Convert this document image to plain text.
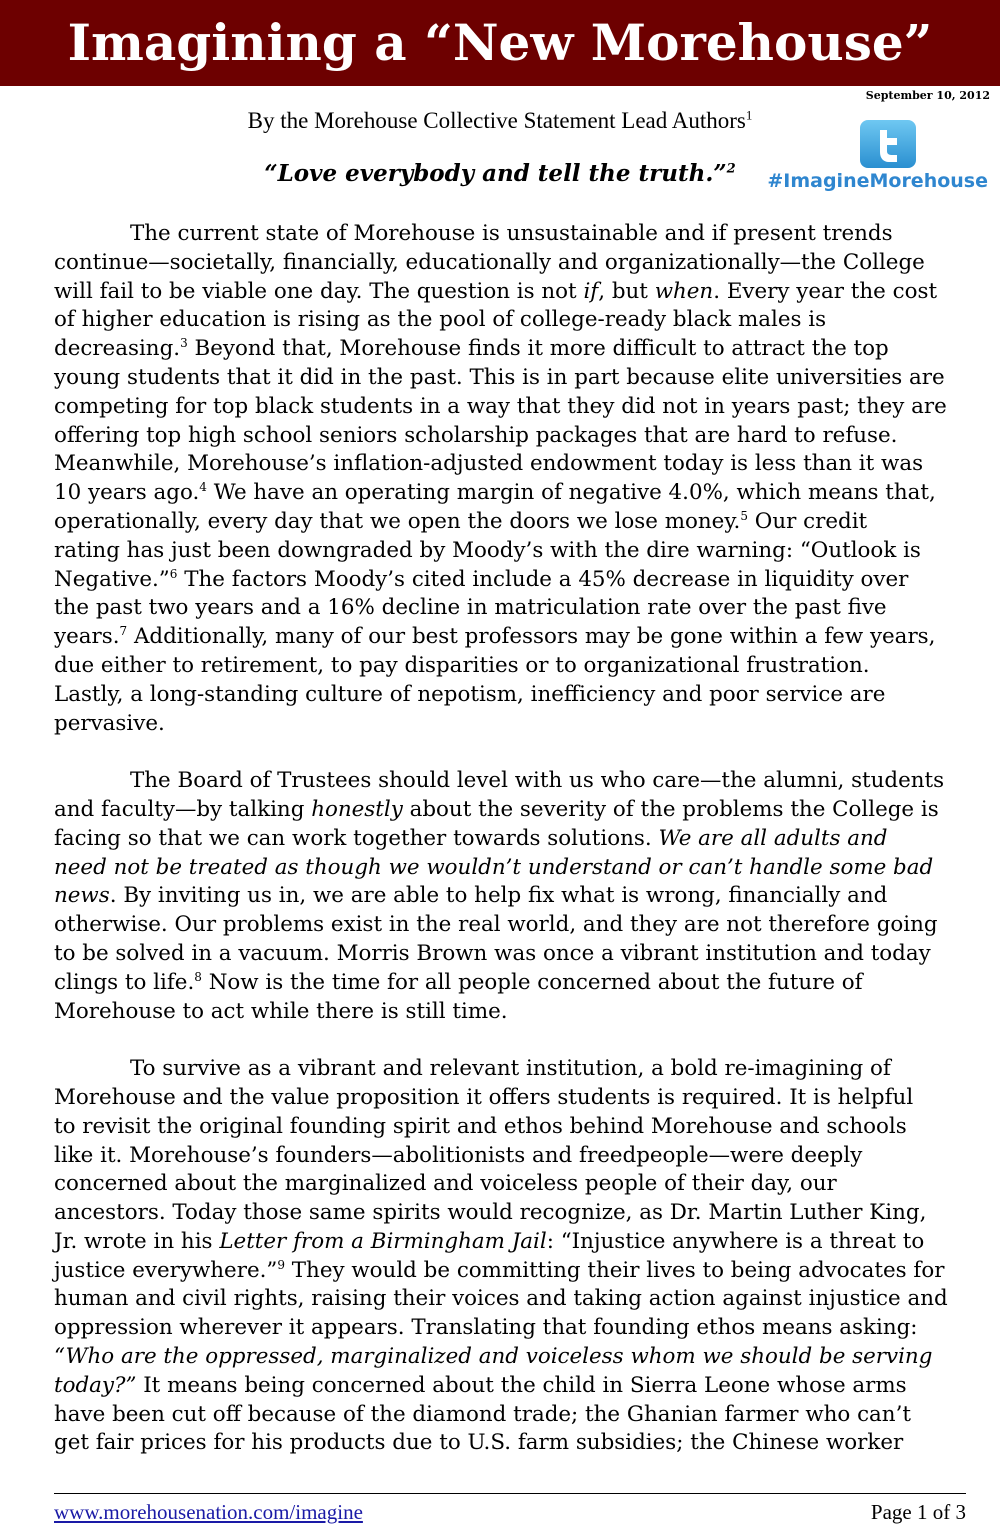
Imagining a “New Morehouse”
September 10, 2012
By the Morehouse Collective Statement Lead Authors$^1$
“Love everybody and tell the truth.”$^2$
#ImagineMorehouse
The current state of Morehouse is unsustainable and if present trends
continue—societally, financially, educationally and organizationally—the College
will fail to be viable one day. The question is not if, but when. Every year the cost
of higher education is rising as the pool of college-ready black males is
decreasing.$^3$ Beyond that, Morehouse finds it more difficult to attract the top
young students that it did in the past. This is in part because elite universities are
competing for top black students in a way that they did not in years past; they are
offering top high school seniors scholarship packages that are hard to refuse.
Meanwhile, Morehouse’s inflation-adjusted endowment today is less than it was
10 years ago.$^4$ We have an operating margin of negative 4.0%, which means that,
operationally, every day that we open the doors we lose money.$^5$ Our credit
rating has just been downgraded by Moody’s with the dire warning: “Outlook is
Negative.”$^6$ The factors Moody’s cited include a 45% decrease in liquidity over
the past two years and a 16% decline in matriculation rate over the past five
years.$^7$ Additionally, many of our best professors may be gone within a few years,
due either to retirement, to pay disparities or to organizational frustration.
Lastly, a long-standing culture of nepotism, inefficiency and poor service are
pervasive.
The Board of Trustees should level with us who care—the alumni, students
and faculty—by talking honestly about the severity of the problems the College is
facing so that we can work together towards solutions. We are all adults and
need not be treated as though we wouldn’t understand or can’t handle some bad
news. By inviting us in, we are able to help fix what is wrong, financially and
otherwise. Our problems exist in the real world, and they are not therefore going
to be solved in a vacuum. Morris Brown was once a vibrant institution and today
clings to life.$^8$ Now is the time for all people concerned about the future of
Morehouse to act while there is still time.
To survive as a vibrant and relevant institution, a bold re-imagining of
Morehouse and the value proposition it offers students is required. It is helpful
to revisit the original founding spirit and ethos behind Morehouse and schools
like it. Morehouse’s founders—abolitionists and freedpeople—were deeply
concerned about the marginalized and voiceless people of their day, our
ancestors. Today those same spirits would recognize, as Dr. Martin Luther King,
Jr. wrote in his Letter from a Birmingham Jail: “Injustice anywhere is a threat to
justice everywhere.”$^9$ They would be committing their lives to being advocates for
human and civil rights, raising their voices and taking action against injustice and
oppression wherever it appears. Translating that founding ethos means asking:
“Who are the oppressed, marginalized and voiceless whom we should be serving
today?” It means being concerned about the child in Sierra Leone whose arms
have been cut off because of the diamond trade; the Ghanian farmer who can’t
get fair prices for his products due to U.S. farm subsidies; the Chinese worker
www.morehousenation.com/imagine	Page 1 of 3
